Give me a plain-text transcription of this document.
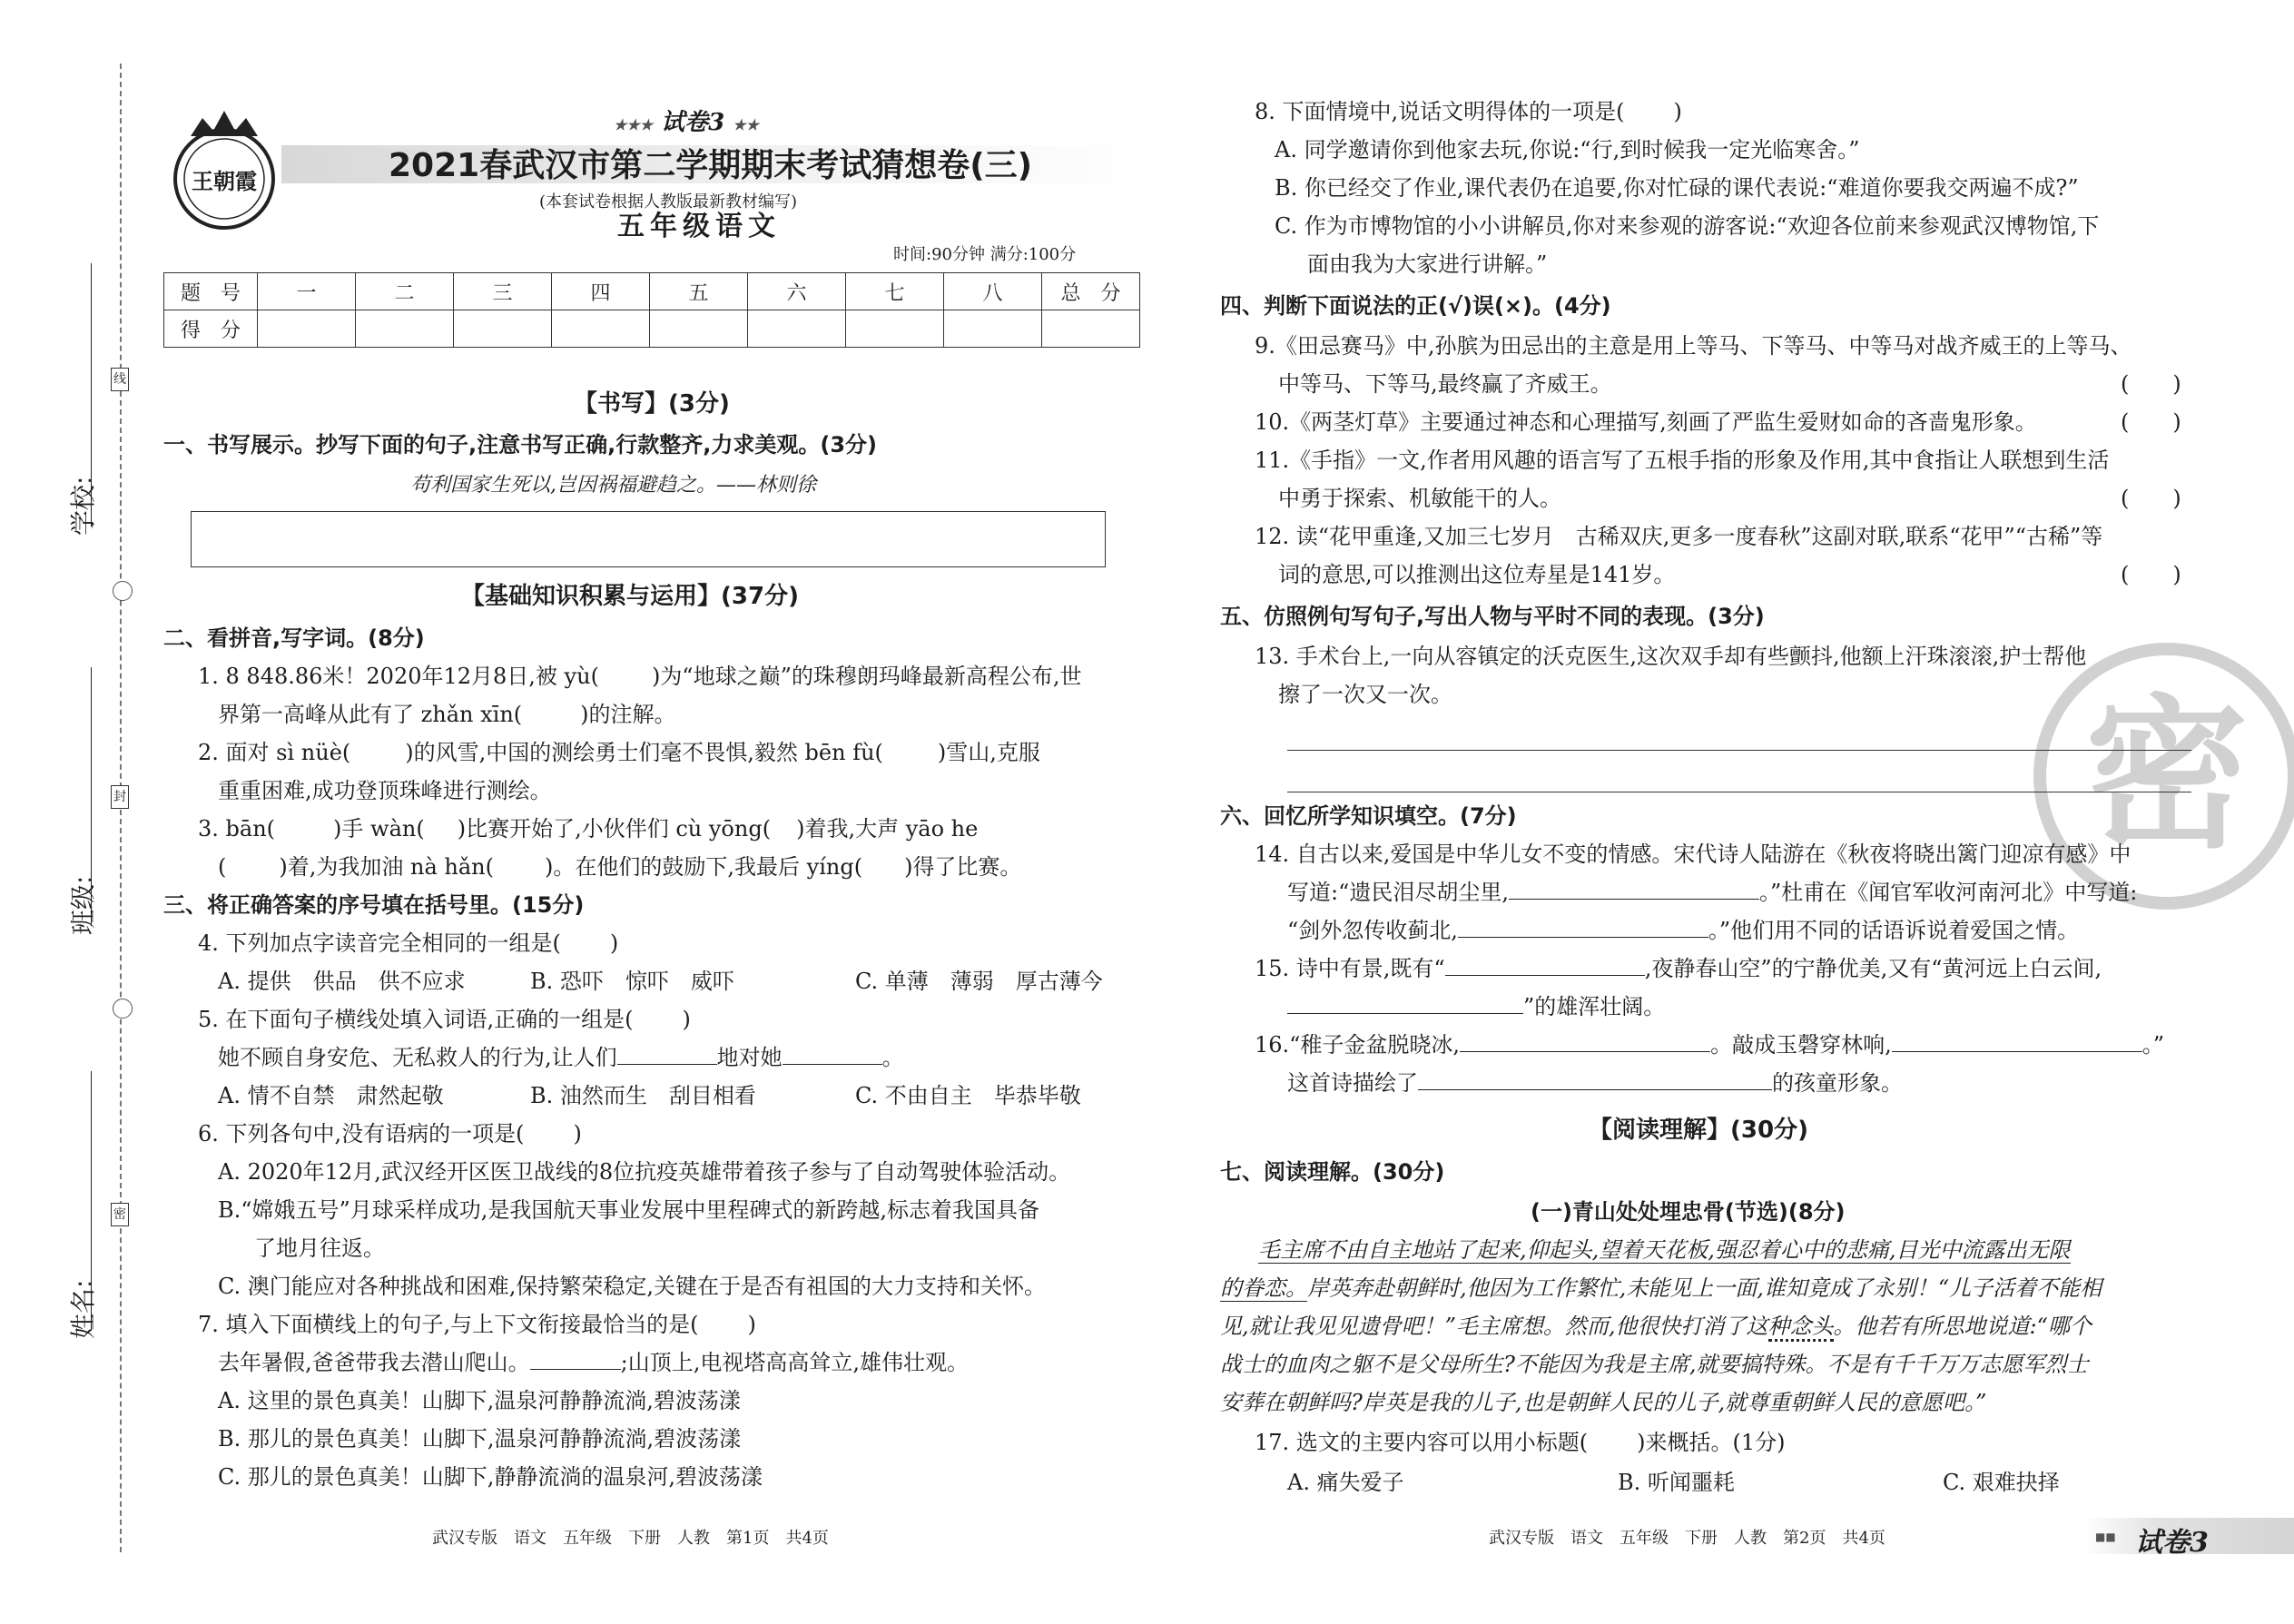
线
封
密
学校:
班级:
姓名:
王朝霞
★★★ 试卷3 ★★
2021春武汉市第二学期期末考试猜想卷(三)
(本套试卷根据人教版最新教材编写)
五年级语文
时间:90分钟 满分:100分
题　号	一	二	三	四	五	六	七	八	总　分
得　分									
【书写】(3分)
一、书写展示。抄写下面的句子,注意书写正确,行款整齐,力求美观。(3分)
苟利国家生死以,岂因祸福避趋之。——林则徐
【基础知识积累与运用】(37分)
二、看拼音,写字词。(8分)
1. 8 848.86米！2020年12月8日,被 yù( )为“地球之巅”的珠穆朗玛峰最新高程公布,世
界第一高峰从此有了 zhǎn xīn(	)的注解。
2. 面对 sì nüè(	)的风雪,中国的测绘勇士们毫不畏惧,毅然 bēn fù(	)雪山,克服
重重困难,成功登顶珠峰进行测绘。
3. bān(	)手 wàn( )比赛开始了,小伙伴们 cù yōng( )着我,大声 yāo he
( )着,为我加油 nà hǎn( )。在他们的鼓励下,我最后 yíng( )得了比赛。
三、将正确答案的序号填在括号里。(15分)
4. 下列加点字读音完全相同的一组是( )
A. 提供　供品　供不应求	B. 恐吓　惊吓　威吓	C. 单薄　薄弱　厚古薄今
5. 在下面句子横线处填入词语,正确的一组是( )
她不顾自身安危、无私救人的行为,让人们	地对她	。
A. 情不自禁　肃然起敬	B. 油然而生　刮目相看	C. 不由自主　毕恭毕敬
6. 下列各句中,没有语病的一项是( )
A. 2020年12月,武汉经开区医卫战线的8位抗疫英雄带着孩子参与了自动驾驶体验活动。
B.“嫦娥五号”月球采样成功,是我国航天事业发展中里程碑式的新跨越,标志着我国具备
了地月往返。
C. 澳门能应对各种挑战和困难,保持繁荣稳定,关键在于是否有祖国的大力支持和关怀。
7. 填入下面横线上的句子,与上下文衔接最恰当的是( )
去年暑假,爸爸带我去潜山爬山。	;山顶上,电视塔高高耸立,雄伟壮观。
A. 这里的景色真美！山脚下,温泉河静静流淌,碧波荡漾
B. 那儿的景色真美！山脚下,温泉河静静流淌,碧波荡漾
C. 那儿的景色真美！山脚下,静静流淌的温泉河,碧波荡漾
武汉专版　语文　五年级　下册　人教　第1页　共4页
8. 下面情境中,说话文明得体的一项是( )
A. 同学邀请你到他家去玩,你说:“行,到时候我一定光临寒舍。”
B. 你已经交了作业,课代表仍在追要,你对忙碌的课代表说:“难道你要我交两遍不成?”
C. 作为市博物馆的小小讲解员,你对来参观的游客说:“欢迎各位前来参观武汉博物馆,下
面由我为大家进行讲解。”
四、判断下面说法的正(√)误(×)。(4分)
9.《田忌赛马》中,孙膑为田忌出的主意是用上等马、下等马、中等马对战齐威王的上等马、
中等马、下等马,最终赢了齐威王。	(　　)
10.《两茎灯草》主要通过神态和心理描写,刻画了严监生爱财如命的吝啬鬼形象。	(　　)
11.《手指》一文,作者用风趣的语言写了五根手指的形象及作用,其中食指让人联想到生活
中勇于探索、机敏能干的人。	(　　)
12. 读“花甲重逢,又加三七岁月　古稀双庆,更多一度春秋”这副对联,联系“花甲”“古稀”等
词的意思,可以推测出这位寿星是141岁。	(　　)
五、仿照例句写句子,写出人物与平时不同的表现。(3分)
13. 手术台上,一向从容镇定的沃克医生,这次双手却有些颤抖,他额上汗珠滚滚,护士帮他
擦了一次又一次。
六、回忆所学知识填空。(7分)
14. 自古以来,爱国是中华儿女不变的情感。宋代诗人陆游在《秋夜将晓出篱门迎凉有感》中
写道:“遗民泪尽胡尘里,	。”杜甫在《闻官军收河南河北》中写道:
“剑外忽传收蓟北,	。”他们用不同的话语诉说着爱国之情。
15. 诗中有景,既有“	,夜静春山空”的宁静优美,又有“黄河远上白云间,
”的雄浑壮阔。
16.“稚子金盆脱晓冰,	。敲成玉磬穿林响,	。”
这首诗描绘了	的孩童形象。
【阅读理解】(30分)
七、阅读理解。(30分)
(一)青山处处埋忠骨(节选)(8分)
毛主席不由自主地站了起来,仰起头,望着天花板,强忍着心中的悲痛,目光中流露出无限
的眷恋。岸英奔赴朝鲜时,他因为工作繁忙,未能见上一面,谁知竟成了永别！“儿子活着不能相
见,就让我见见遗骨吧！”毛主席想。然而,他很快打消了这种念头。他若有所思地说道:“哪个
战士的血肉之躯不是父母所生?不能因为我是主席,就要搞特殊。不是有千千万万志愿军烈士
安葬在朝鲜吗?岸英是我的儿子,也是朝鲜人民的儿子,就尊重朝鲜人民的意愿吧。”
17. 选文的主要内容可以用小标题( )来概括。(1分)
A. 痛失爱子	B. 听闻噩耗	C. 艰难抉择
武汉专版　语文　五年级　下册　人教　第2页　共4页	■■ 试卷3
密
